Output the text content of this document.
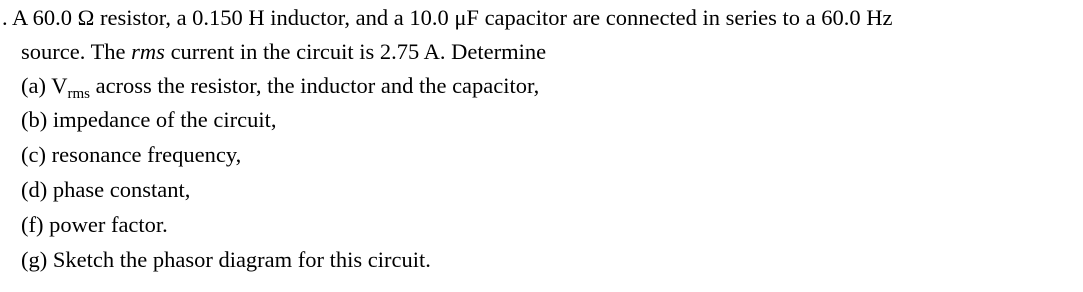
. A 60.0 Ω resistor, a 0.150 H inductor, and a 10.0 μF capacitor are connected in series to a 60.0 Hz
source. The rms current in the circuit is 2.75 A. Determine
(a) $V_{rms}$ across the resistor, the inductor and the capacitor,
(b) impedance of the circuit,
(c) resonance frequency,
(d) phase constant,
(f) power factor.
(g) Sketch the phasor diagram for this circuit.
